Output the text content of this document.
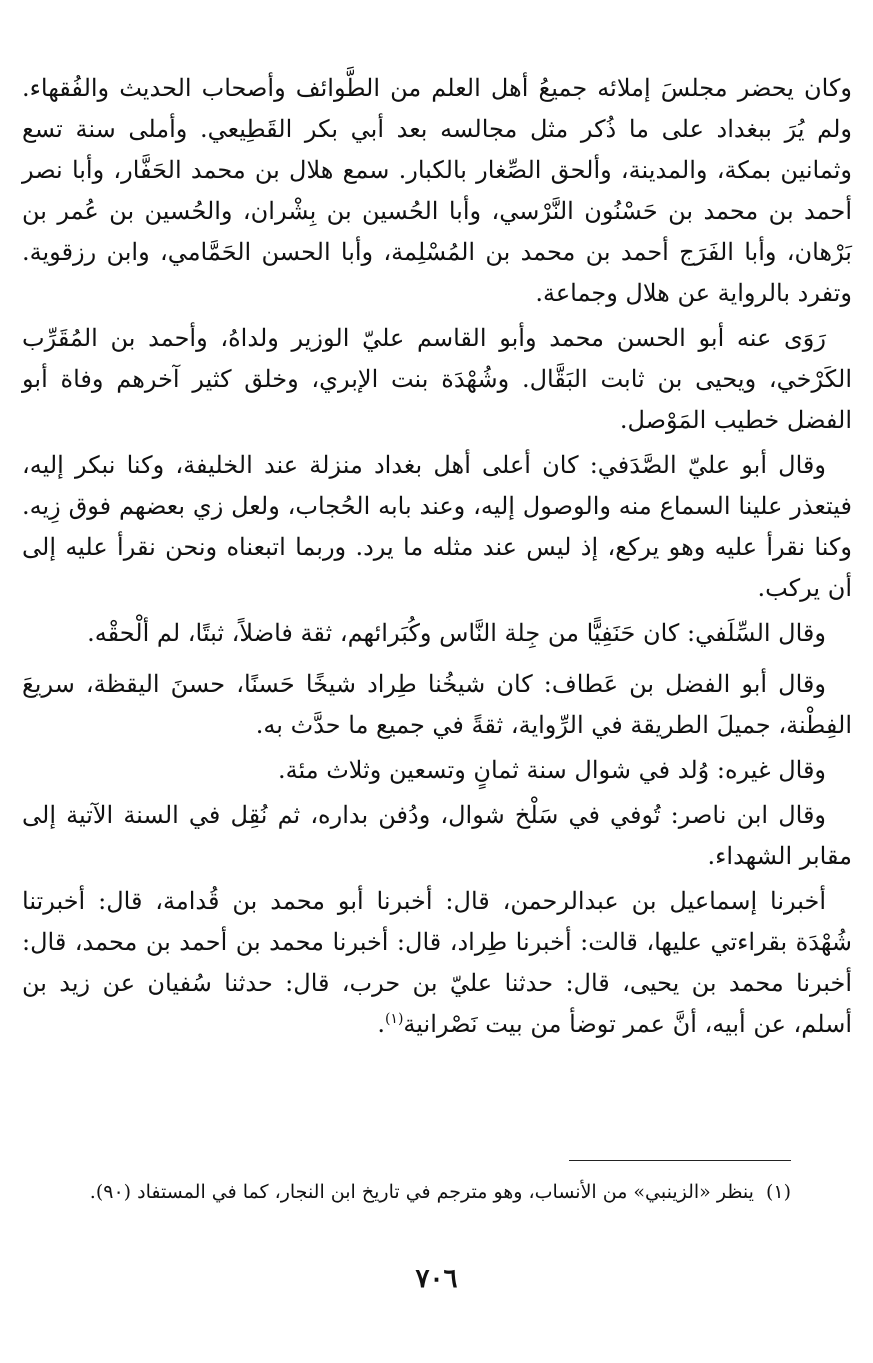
وكان يحضر مجلسَ إملائه جميعُ أهل العلم من الطَّوائف وأصحاب الحديث والفُقهاء. ولم يُرَ ببغداد على ما ذُكر مثل مجالسه بعد أبي بكر القَطِيعي. وأملى سنة تسع وثمانين بمكة، والمدينة، وألحق الصِّغار بالكبار. سمع هلال بن محمد الحَفَّار، وأبا نصر أحمد بن محمد بن حَسْنُون النَّرْسي، وأبا الحُسين بن بِشْران، والحُسين بن عُمر بن بَرْهان، وأبا الفَرَج أحمد بن محمد بن المُسْلِمة، وأبا الحسن الحَمَّامي، وابن رزقوية. وتفرد بالرواية عن هلال وجماعة.

رَوَى عنه أبو الحسن محمد وأبو القاسم عليّ الوزير ولداهُ، وأحمد بن المُقَرِّب الكَرْخي، ويحيى بن ثابت البَقَّال. وشُهْدَة بنت الإبري، وخلق كثير آخرهم وفاة أبو الفضل خطيب المَوْصل.

وقال أبو عليّ الصَّدَفي: كان أعلى أهل بغداد منزلة عند الخليفة، وكنا نبكر إليه، فيتعذر علينا السماع منه والوصول إليه، وعند بابه الحُجاب، ولعل زي بعضهم فوق زِيه. وكنا نقرأ عليه وهو يركع، إذ ليس عند مثله ما يرد. وربما اتبعناه ونحن نقرأ عليه إلى أن يركب.

وقال السِّلَفي: كان حَنَفِيًّا من جِلة النَّاس وكُبَرائهم، ثقة فاضلاً، ثبتًا، لم ألْحقْه.

وقال أبو الفضل بن عَطاف: كان شيخُنا طِراد شيخًا حَسنًا، حسنَ اليقظة، سريعَ الفِطْنة، جميلَ الطريقة في الرِّواية، ثقةً في جميع ما حدَّث به.

وقال غيره: وُلد في شوال سنة ثمانٍ وتسعين وثلاث مئة.

وقال ابن ناصر: تُوفي في سَلْخ شوال، ودُفن بداره، ثم نُقِل في السنة الآتية إلى مقابر الشهداء.

أخبرنا إسماعيل بن عبدالرحمن، قال: أخبرنا أبو محمد بن قُدامة، قال: أخبرتنا شُهْدَة بقراءتي عليها، قالت: أخبرنا طِراد، قال: أخبرنا محمد بن أحمد بن محمد، قال: أخبرنا محمد بن يحيى، قال: حدثنا عليّ بن حرب، قال: حدثنا سُفيان عن زيد بن أسلم، عن أبيه، أنَّ عمر توضأ من بيت نَصْرانية$^{(١)}$.

(١)ينظر «الزينبي» من الأنساب، وهو مترجم في تاريخ ابن النجار، كما في المستفاد (٩٠).
٧٠٦
